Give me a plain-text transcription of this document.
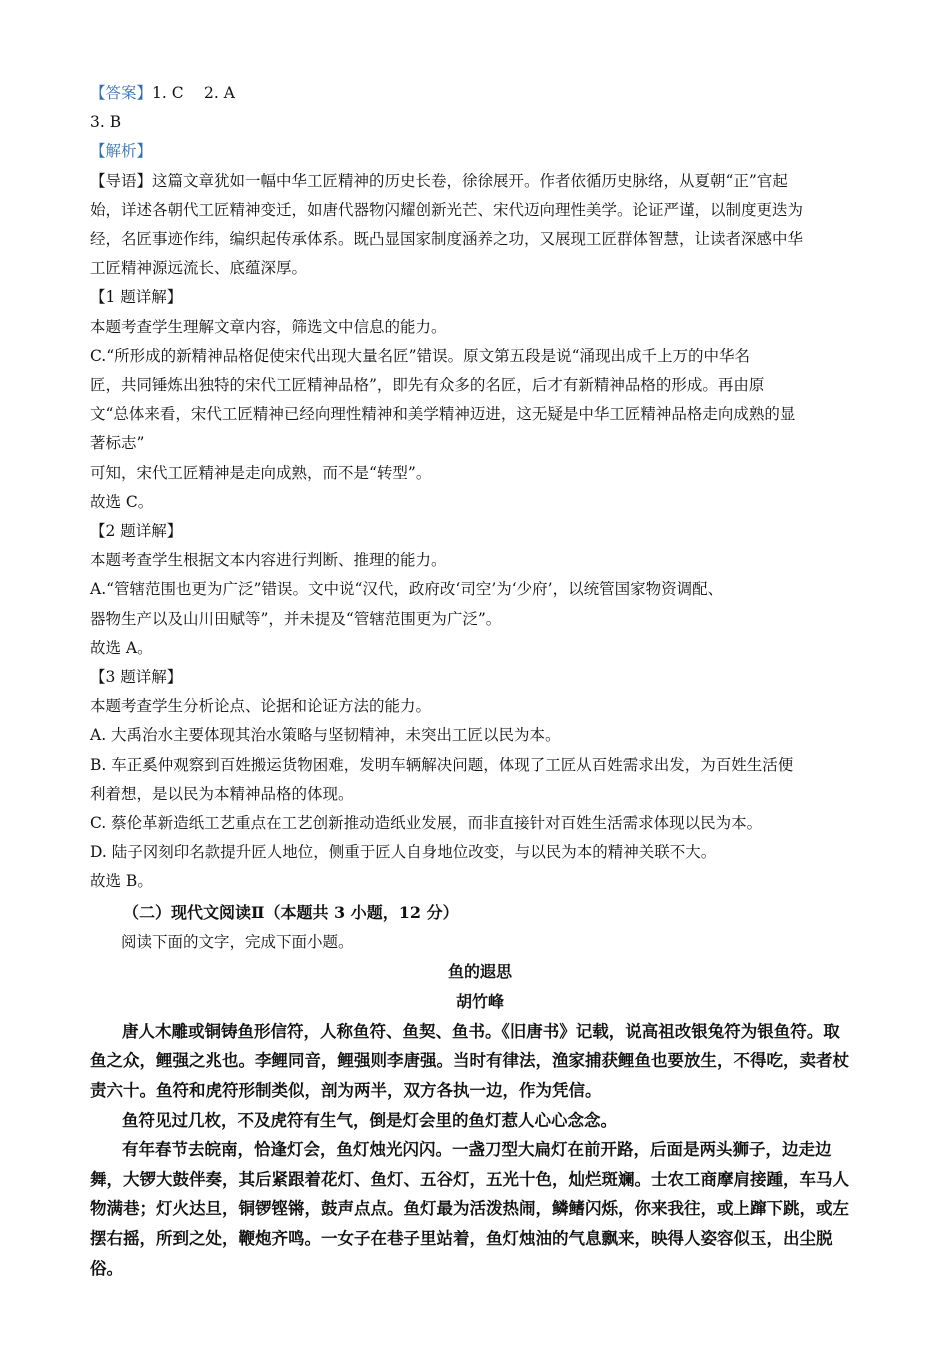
【答案】1. C  2. A
3. B
【解析】
【导语】这篇文章犹如一幅中华工匠精神的历史长卷，徐徐展开。作者依循历史脉络，从夏朝“正”官起
始，详述各朝代工匠精神变迁，如唐代器物闪耀创新光芒、宋代迈向理性美学。论证严谨，以制度更迭为
经，名匠事迹作纬，编织起传承体系。既凸显国家制度涵养之功，又展现工匠群体智慧，让读者深感中华
工匠精神源远流长、底蕴深厚。
【1 题详解】
本题考查学生理解文章内容，筛选文中信息的能力。
C.“所形成的新精神品格促使宋代出现大量名匠”错误。原文第五段是说“涌现出成千上万的中华名
匠，共同锤炼出独特的宋代工匠精神品格”，即先有众多的名匠，后才有新精神品格的形成。再由原
文“总体来看，宋代工匠精神已经向理性精神和美学精神迈进，这无疑是中华工匠精神品格走向成熟的显
著标志”
可知，宋代工匠精神是走向成熟，而不是“转型”。
故选 C。
【2 题详解】
本题考查学生根据文本内容进行判断、推理的能力。
A.“管辖范围也更为广泛”错误。文中说“汉代，政府改‘司空’为‘少府’，以统管国家物资调配、
器物生产以及山川田赋等”，并未提及“管辖范围更为广泛”。
故选 A。
【3 题详解】
本题考查学生分析论点、论据和论证方法的能力。
A. 大禹治水主要体现其治水策略与坚韧精神，未突出工匠以民为本。
B. 车正奚仲观察到百姓搬运货物困难，发明车辆解决问题，体现了工匠从百姓需求出发，为百姓生活便
利着想，是以民为本精神品格的体现。
C. 蔡伦革新造纸工艺重点在工艺创新推动造纸业发展，而非直接针对百姓生活需求体现以民为本。
D. 陆子冈刻印名款提升匠人地位，侧重于匠人自身地位改变，与以民为本的精神关联不大。
故选 B。
（二）现代文阅读Ⅱ（本题共 3 小题，12 分）
阅读下面的文字，完成下面小题。
鱼的遐思
胡竹峰
唐人木雕或铜铸鱼形信符，人称鱼符、鱼契、鱼书。《旧唐书》记载，说高祖改银兔符为银鱼符。取
鱼之众，鲤强之兆也。李鲤同音，鲤强则李唐强。当时有律法，渔家捕获鲤鱼也要放生，不得吃，卖者杖
责六十。鱼符和虎符形制类似，剖为两半，双方各执一边，作为凭信。
鱼符见过几枚，不及虎符有生气，倒是灯会里的鱼灯惹人心心念念。
有年春节去皖南，恰逢灯会，鱼灯烛光闪闪。一盏刀型大扁灯在前开路，后面是两头狮子，边走边
舞，大锣大鼓伴奏，其后紧跟着花灯、鱼灯、五谷灯，五光十色，灿烂斑斓。士农工商摩肩接踵，车马人
物满巷；灯火达旦，铜锣铿锵，鼓声点点。鱼灯最为活泼热闹，鳞鳍闪烁，你来我往，或上蹿下跳，或左
摆右摇，所到之处，鞭炮齐鸣。一女子在巷子里站着，鱼灯烛油的气息飘来，映得人姿容似玉，出尘脱
俗。
